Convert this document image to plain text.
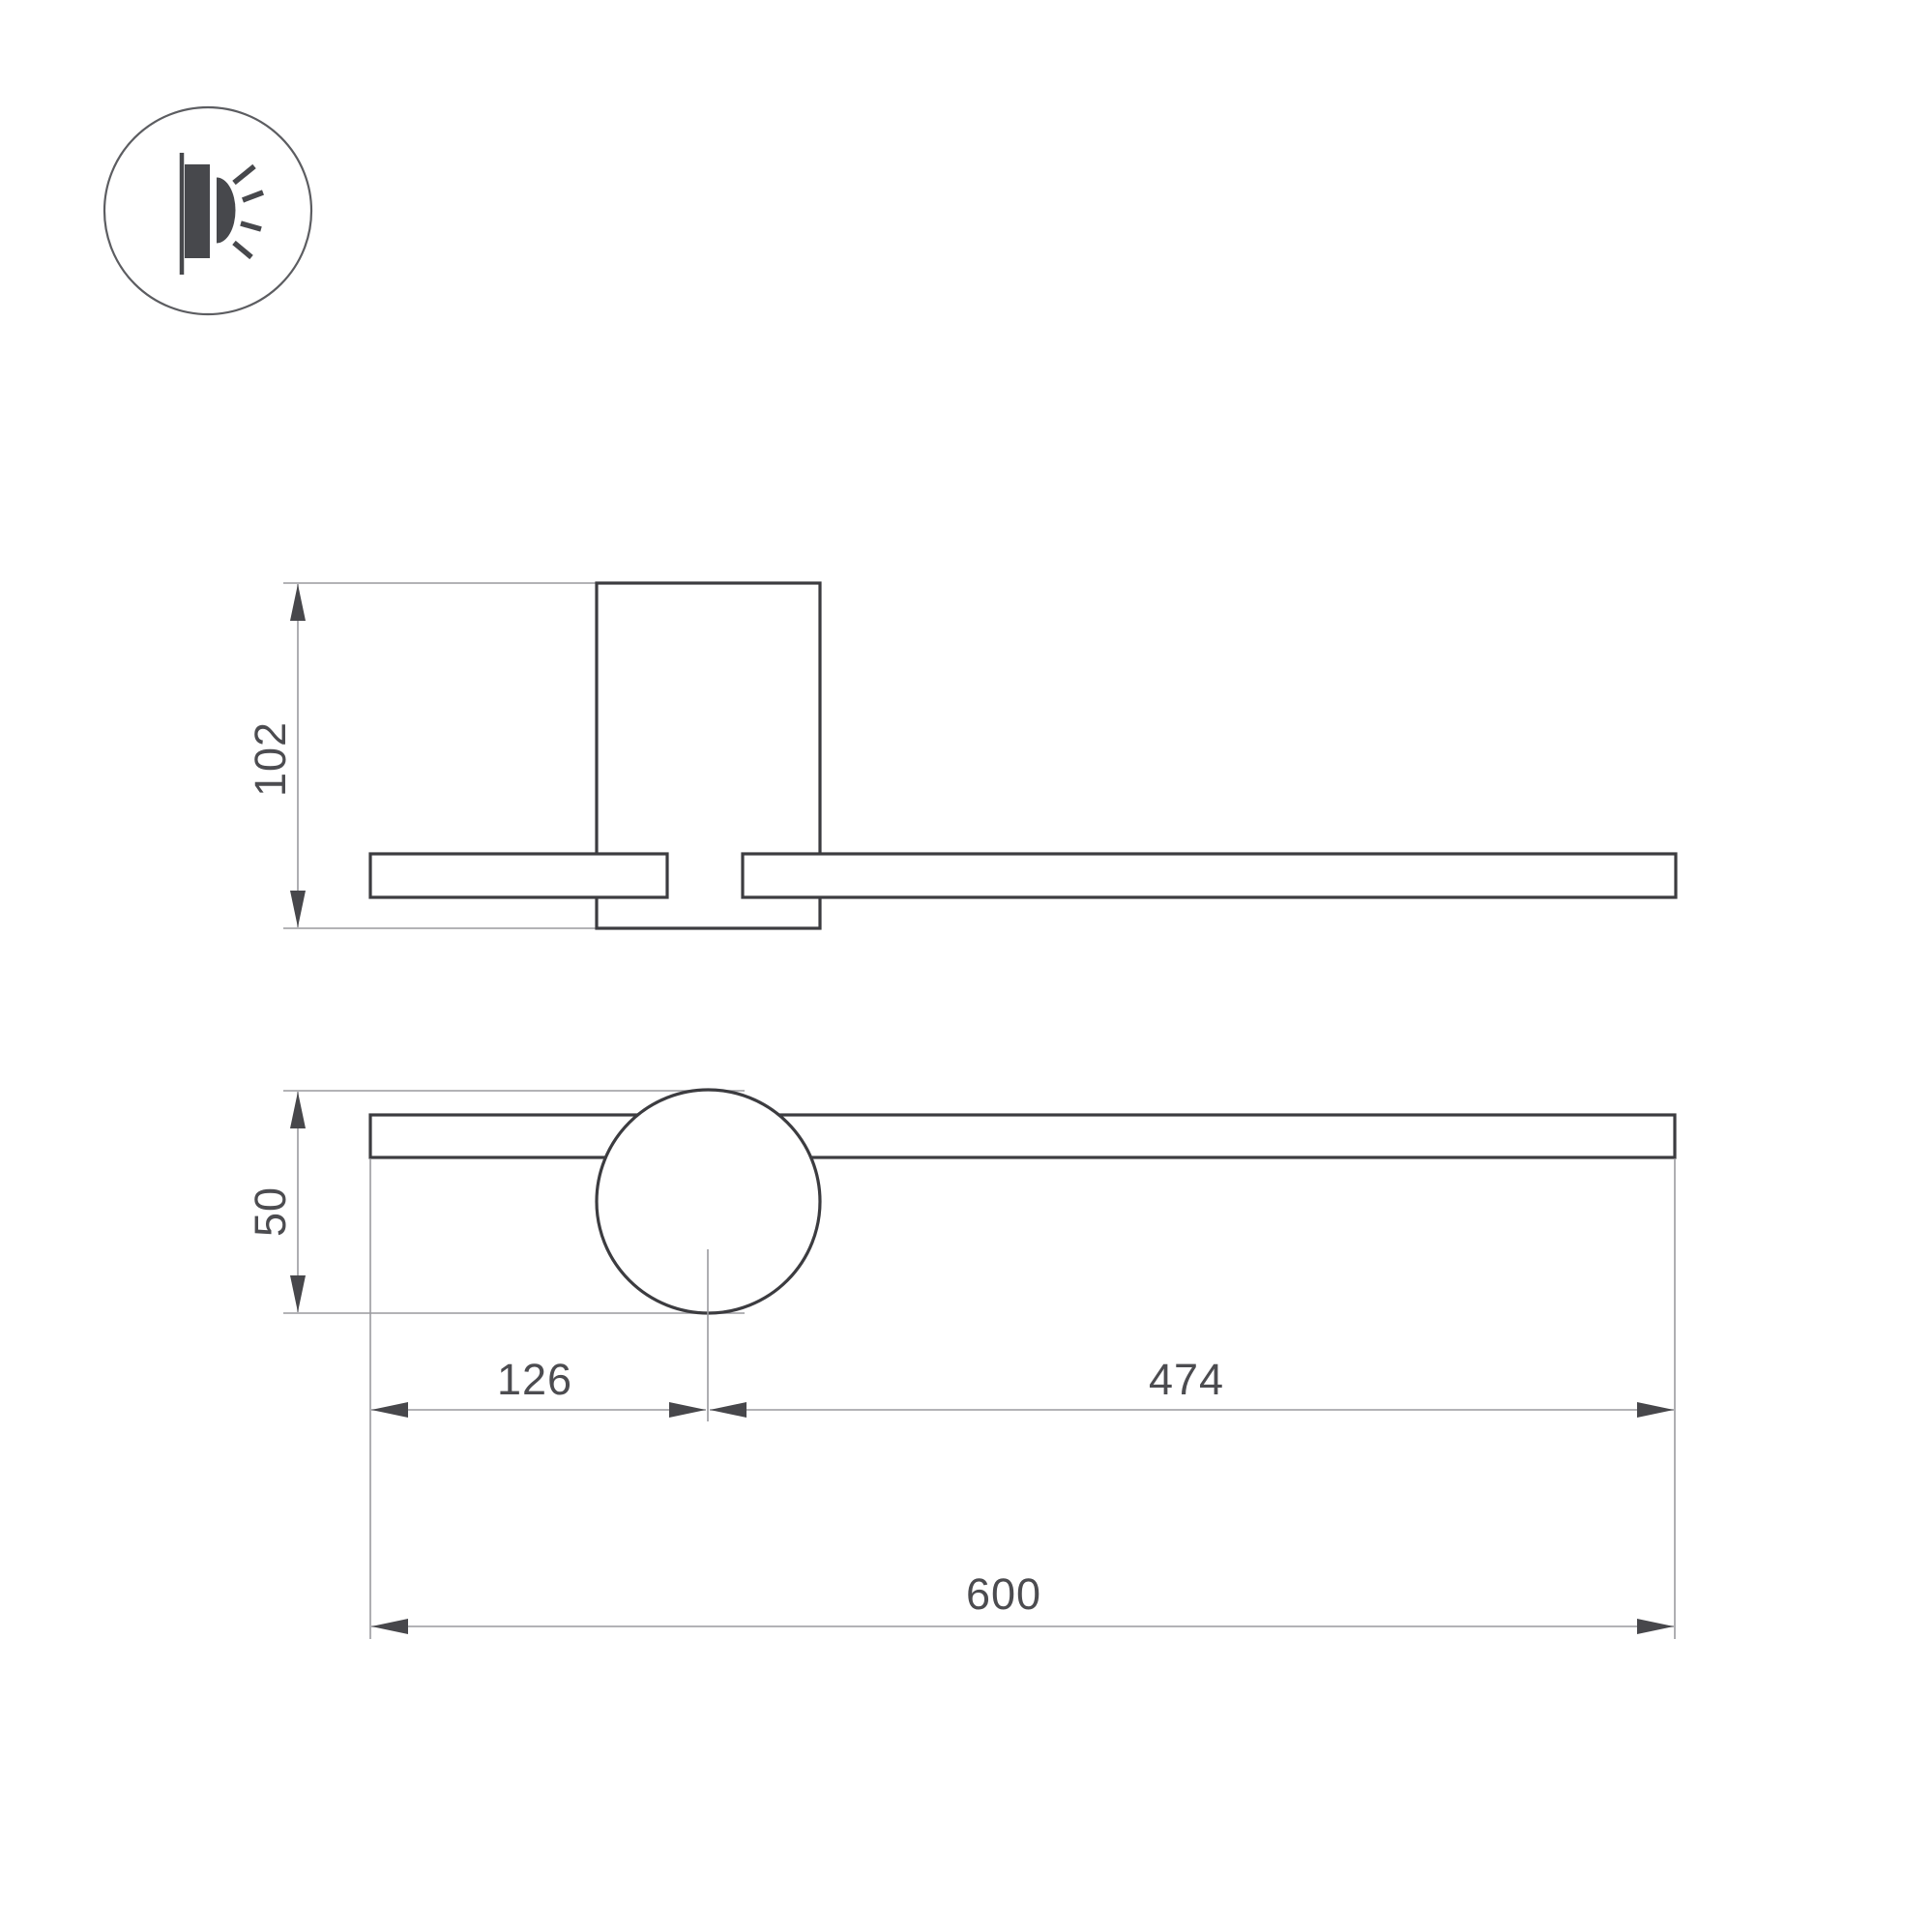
102
50
126	474
600
